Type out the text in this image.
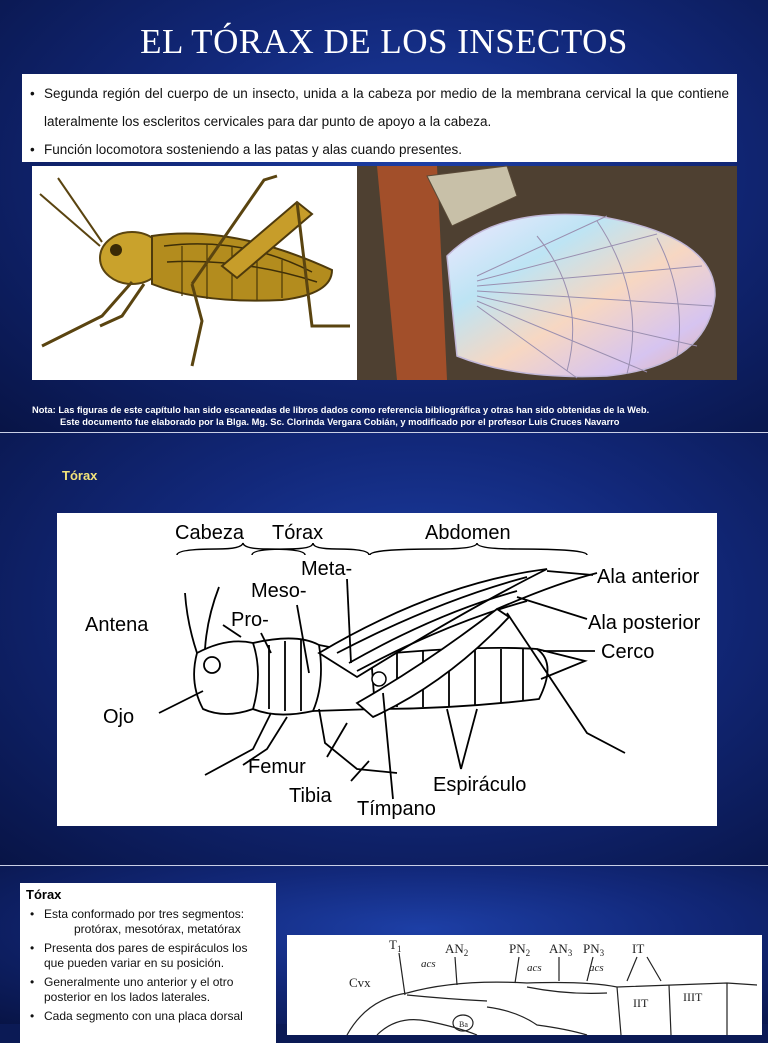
EL TÓRAX DE LOS INSECTOS
• Segunda región del cuerpo de un insecto, unida a la cabeza por medio de la membrana cervical la que contiene lateralmente los escleritos cervicales para dar punto de apoyo a la cabeza.
• Función locomotora sosteniendo a las patas y alas cuando presentes.
Nota: Las figuras de este capítulo han sido escaneadas de libros dados como referencia bibliográfica y otras han sido obtenidas de la Web.
Este documento fue elaborado por la Blga. Mg. Sc. Clorinda Vergara Cobián, y modificado por el profesor Luis Cruces Navarro
Tórax
Cabeza Tórax	Abdomen
Meta-
Meso-
Pro-
Antena
Ojo
Femur
Tibia
Tímpano
Espiráculo
Ala anterior
Ala posterior
Cerco
Tórax
• Esta conformado por tres segmentos:
protórax, mesotórax, metatórax
• Presenta dos pares de espiráculos los que pueden variar en su posición.
• Generalmente uno anterior y el otro posterior en los lados laterales.
• Cada segmento con una placa dorsal
$T_1$	$AN_2$	$PN_2$ $AN_3$ $PN_3$ IT
acs	acs	acs
Cvx
IIT	IIIT
Ba
